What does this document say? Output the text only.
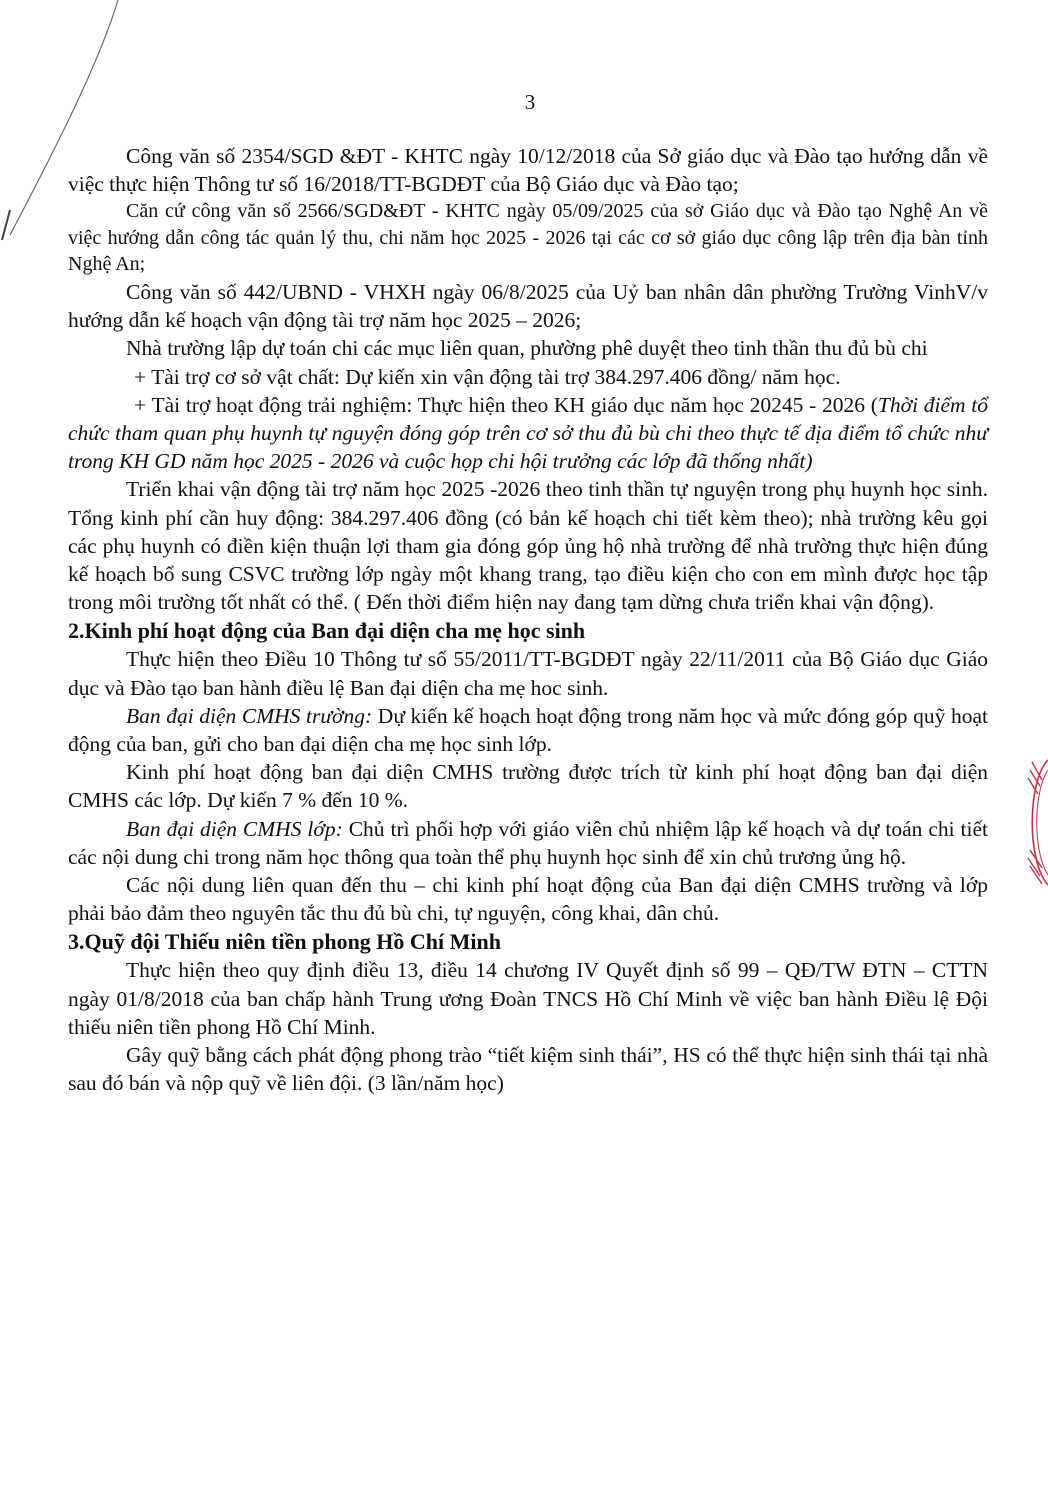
3

Công văn số 2354/SGD &ĐT - KHTC ngày 10/12/2018 của Sở giáo dục và Đào tạo hướng dẫn về việc thực hiện Thông tư số 16/2018/TT-BGDĐT của Bộ Giáo dục và Đào tạo;

Căn cứ công văn số 2566/SGD&ĐT - KHTC ngày 05/09/2025 của sở Giáo dục và Đào tạo Nghệ An về việc hướng dẫn công tác quản lý thu, chi năm học 2025 - 2026 tại các cơ sở giáo dục công lập trên địa bàn tỉnh Nghệ An;

Công văn số 442/UBND - VHXH ngày 06/8/2025 của Uỷ ban nhân dân phường Trường VinhV/v hướng dẫn kế hoạch vận động tài trợ năm học 2025 – 2026;

Nhà trường lập dự toán chi các mục liên quan, phường phê duyệt theo tinh thần thu đủ bù chi

+ Tài trợ cơ sở vật chất: Dự kiến xin vận động tài trợ 384.297.406 đồng/ năm học.

+ Tài trợ hoạt động trải nghiệm: Thực hiện theo KH giáo dục năm học 20245 - 2026 (Thời điểm tổ chức tham quan phụ huynh tự nguyện đóng góp trên cơ sở thu đủ bù chi theo thực tế địa điểm tổ chức như trong KH GD năm học 2025 - 2026 và cuộc họp chi hội trưởng các lớp đã thống nhất)

Triển khai vận động tài trợ năm học 2025 -2026 theo tinh thần tự nguyện trong phụ huynh học sinh. Tổng kinh phí cần huy động: 384.297.406 đồng (có bản kế hoạch chi tiết kèm theo); nhà trường kêu gọi các phụ huynh có điền kiện thuận lợi tham gia đóng góp ủng hộ nhà trường để nhà trường thực hiện đúng kế hoạch bổ sung CSVC trường lớp ngày một khang trang, tạo điều kiện cho con em mình được học tập trong môi trường tốt nhất có thể. ( Đến thời điểm hiện nay đang tạm dừng chưa triển khai vận động).

2.Kinh phí hoạt động của Ban đại diện cha mẹ học sinh

Thực hiện theo Điều 10 Thông tư số 55/2011/TT-BGDĐT ngày 22/11/2011 của Bộ Giáo dục Giáo dục và Đào tạo ban hành điều lệ Ban đại diện cha mẹ hoc sinh.

Ban đại diện CMHS trường: Dự kiến kế hoạch hoạt động trong năm học và mức đóng góp quỹ hoạt động của ban, gửi cho ban đại diện cha mẹ học sinh lớp.

Kinh phí hoạt động ban đại diện CMHS trường được trích từ kinh phí hoạt động ban đại diện CMHS các lớp. Dự kiến 7 % đến 10 %.

Ban đại diện CMHS lớp: Chủ trì phối hợp với giáo viên chủ nhiệm lập kế hoạch và dự toán chi tiết các nội dung chi trong năm học thông qua toàn thể phụ huynh học sinh để xin chủ trương ủng hộ.

Các nội dung liên quan đến thu – chi kinh phí hoạt động của Ban đại diện CMHS trường và lớp phải bảo đảm theo nguyên tắc thu đủ bù chi, tự nguyện, công khai, dân chủ.

3.Quỹ đội Thiếu niên tiền phong Hồ Chí Minh

Thực hiện theo quy định điều 13, điều 14 chương IV Quyết định số 99 – QĐ/TW ĐTN – CTTN ngày 01/8/2018 của ban chấp hành Trung ương Đoàn TNCS Hồ Chí Minh về việc ban hành Điều lệ Đội thiếu niên tiền phong Hồ Chí Minh.

Gây quỹ bằng cách phát động phong trào “tiết kiệm sinh thái”, HS có thể thực hiện sinh thái tại nhà sau đó bán và nộp quỹ về liên đội. (3 lần/năm học)
